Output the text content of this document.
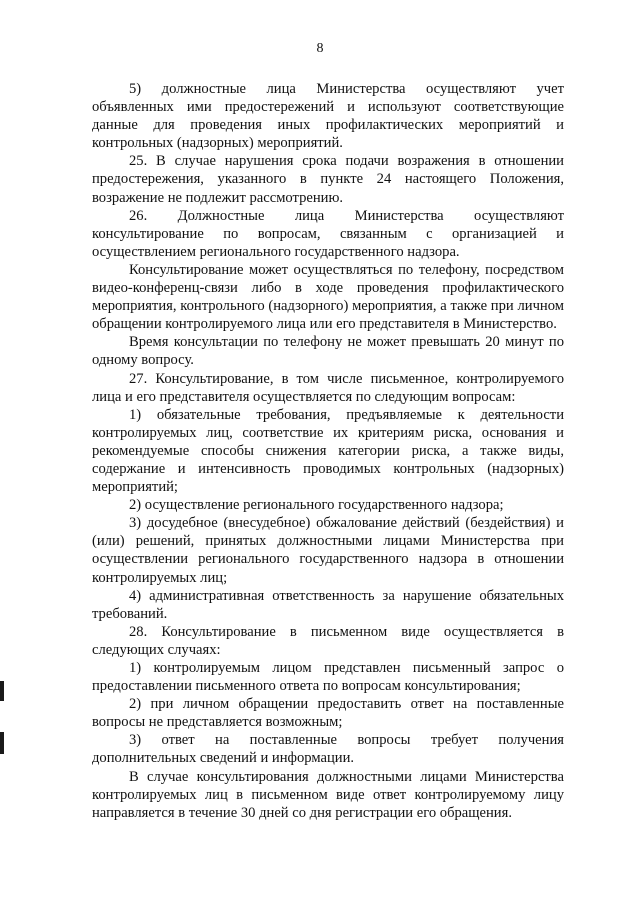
8

5) должностные лица Министерства осуществляют учет объявленных ими предостережений и используют соответствующие данные для проведения иных профилактических мероприятий и контрольных (надзорных) мероприятий.

25. В случае нарушения срока подачи возражения в отношении предостережения, указанного в пункте 24 настоящего Положения, возражение не подлежит рассмотрению.

26. Должностные лица Министерства осуществляют консультирование по вопросам, связанным с организацией и осуществлением регионального государственного надзора.

Консультирование может осуществляться по телефону, посредством видео-конференц-связи либо в ходе проведения профилактического мероприятия, контрольного (надзорного) мероприятия, а также при личном обращении контролируемого лица или его представителя в Министерство.

Время консультации по телефону не может превышать 20 минут по одному вопросу.

27. Консультирование, в том числе письменное, контролируемого лица и его представителя осуществляется по следующим вопросам:

1) обязательные требования, предъявляемые к деятельности контролируемых лиц, соответствие их критериям риска, основания и рекомендуемые способы снижения категории риска, а также виды, содержание и интенсивность проводимых контрольных (надзорных) мероприятий;

2) осуществление регионального государственного надзора;

3) досудебное (внесудебное) обжалование действий (бездействия) и (или) решений, принятых должностными лицами Министерства при осуществлении регионального государственного надзора в отношении контролируемых лиц;

4) административная ответственность за нарушение обязательных требований.

28. Консультирование в письменном виде осуществляется в следующих случаях:

1) контролируемым лицом представлен письменный запрос о предоставлении письменного ответа по вопросам консультирования;

2) при личном обращении предоставить ответ на поставленные вопросы не представляется возможным;

3) ответ на поставленные вопросы требует получения дополнительных сведений и информации.

В случае консультирования должностными лицами Министерства контролируемых лиц в письменном виде ответ контролируемому лицу направляется в течение 30 дней со дня регистрации его обращения.
